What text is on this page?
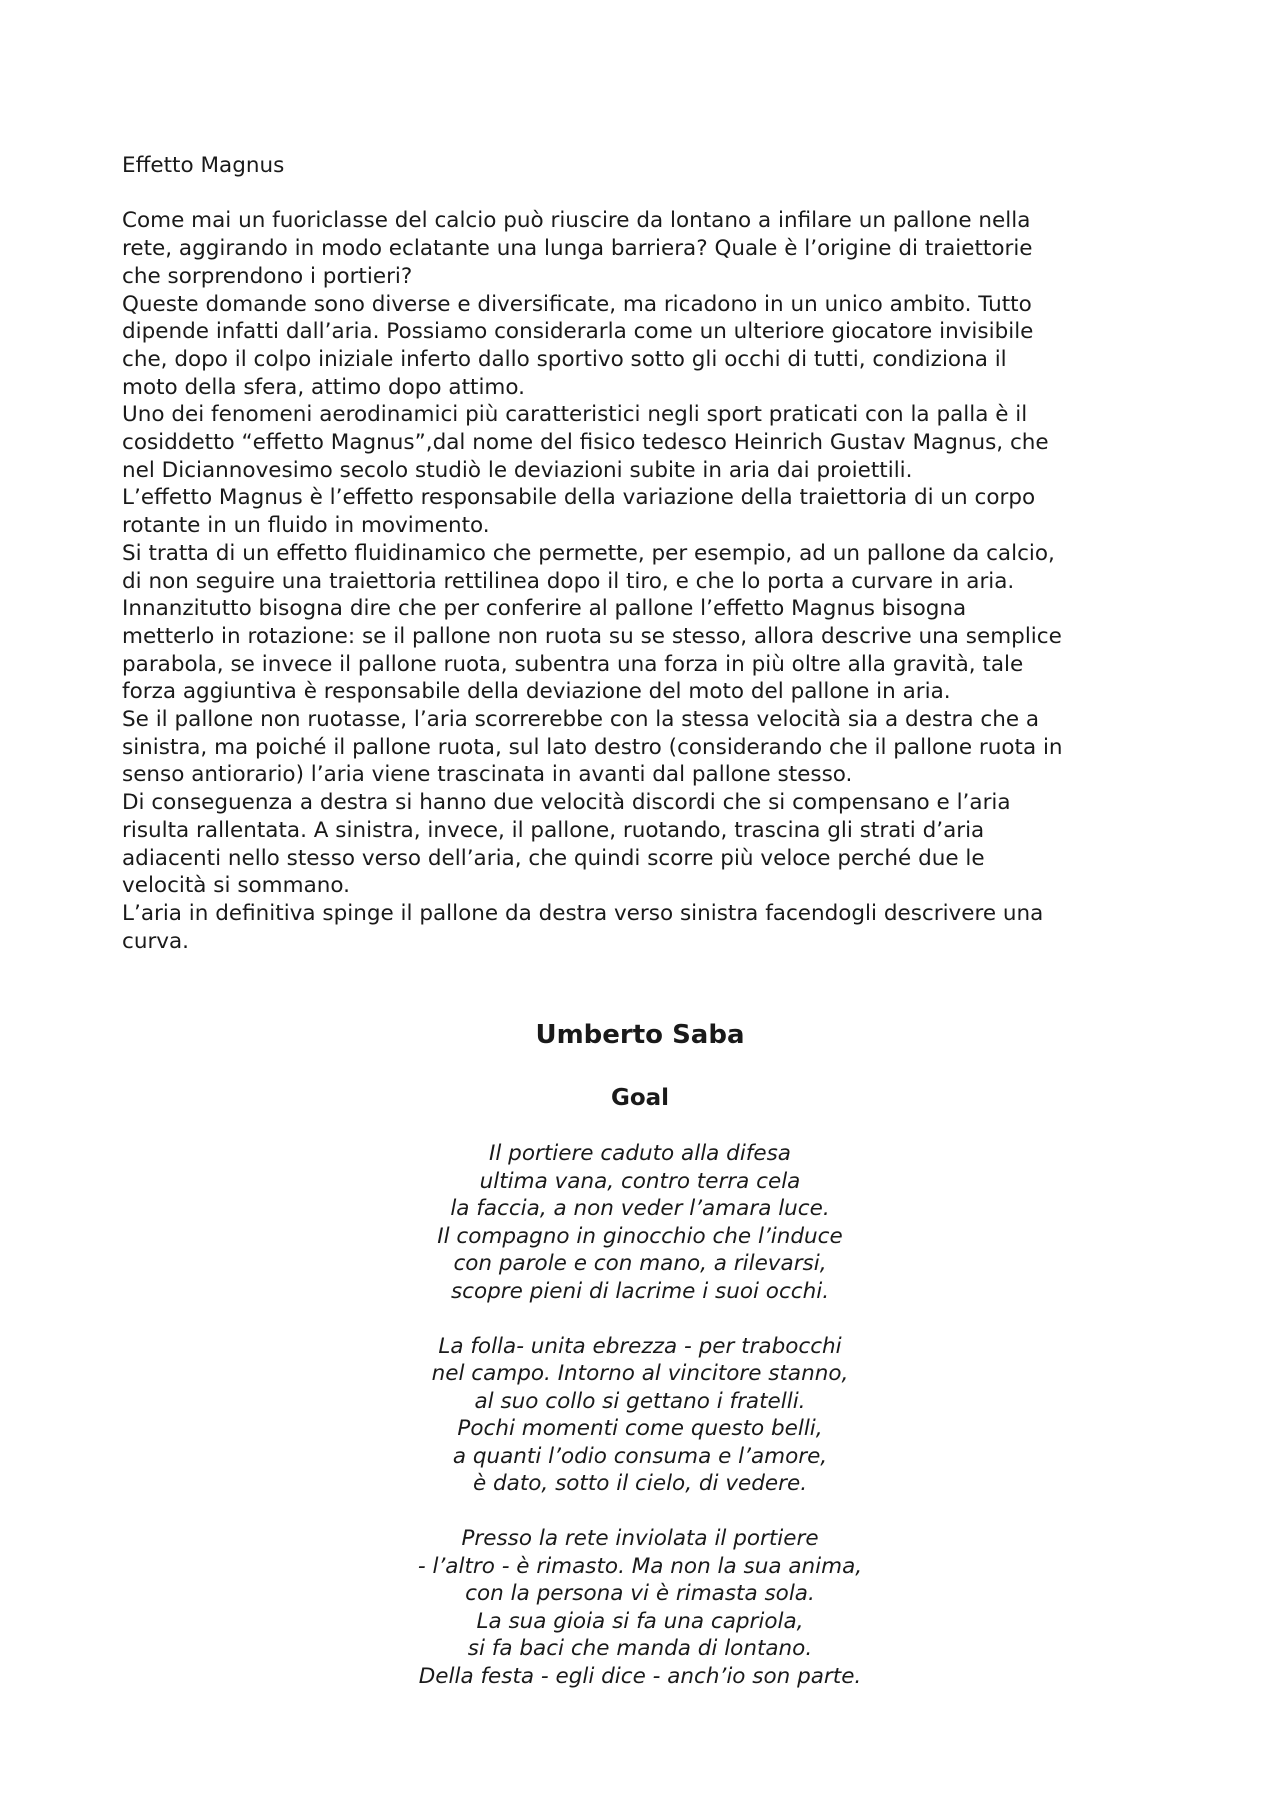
Effetto Magnus
Come mai un fuoriclasse del calcio può riuscire da lontano a infilare un pallone nella
rete, aggirando in modo eclatante una lunga barriera? Quale è l’origine di traiettorie
che sorprendono i portieri?
Queste domande sono diverse e diversificate, ma ricadono in un unico ambito. Tutto
dipende infatti dall’aria. Possiamo considerarla come un ulteriore giocatore invisibile
che, dopo il colpo iniziale inferto dallo sportivo sotto gli occhi di tutti, condiziona il
moto della sfera, attimo dopo attimo.
Uno dei fenomeni aerodinamici più caratteristici negli sport praticati con la palla è il
cosiddetto “effetto Magnus”,dal nome del fisico tedesco Heinrich Gustav Magnus, che
nel Diciannovesimo secolo studiò le deviazioni subite in aria dai proiettili.
L’effetto Magnus è l’effetto responsabile della variazione della traiettoria di un corpo
rotante in un fluido in movimento.
Si tratta di un effetto fluidinamico che permette, per esempio, ad un pallone da calcio,
di non seguire una traiettoria rettilinea dopo il tiro, e che lo porta a curvare in aria.
Innanzitutto bisogna dire che per conferire al pallone l’effetto Magnus bisogna
metterlo in rotazione: se il pallone non ruota su se stesso, allora descrive una semplice
parabola, se invece il pallone ruota, subentra una forza in più oltre alla gravità, tale
forza aggiuntiva è responsabile della deviazione del moto del pallone in aria.
Se il pallone non ruotasse, l’aria scorrerebbe con la stessa velocità sia a destra che a
sinistra, ma poiché il pallone ruota, sul lato destro (considerando che il pallone ruota in
senso antiorario) l’aria viene trascinata in avanti dal pallone stesso.
Di conseguenza a destra si hanno due velocità discordi che si compensano e l’aria
risulta rallentata. A sinistra, invece, il pallone, ruotando, trascina gli strati d’aria
adiacenti nello stesso verso dell’aria, che quindi scorre più veloce perché due le
velocità si sommano.
L’aria in definitiva spinge il pallone da destra verso sinistra facendogli descrivere una
curva.
Umberto Saba
Goal
Il portiere caduto alla difesa
ultima vana, contro terra cela
la faccia, a non veder l’amara luce.
Il compagno in ginocchio che l’induce
con parole e con mano, a rilevarsi,
scopre pieni di lacrime i suoi occhi.
La folla- unita ebrezza - per trabocchi
nel campo. Intorno al vincitore stanno,
al suo collo si gettano i fratelli.
Pochi momenti come questo belli,
a quanti l’odio consuma e l’amore,
è dato, sotto il cielo, di vedere.
Presso la rete inviolata il portiere
- l’altro - è rimasto. Ma non la sua anima,
con la persona vi è rimasta sola.
La sua gioia si fa una capriola,
si fa baci che manda di lontano.
Della festa - egli dice - anch’io son parte.
